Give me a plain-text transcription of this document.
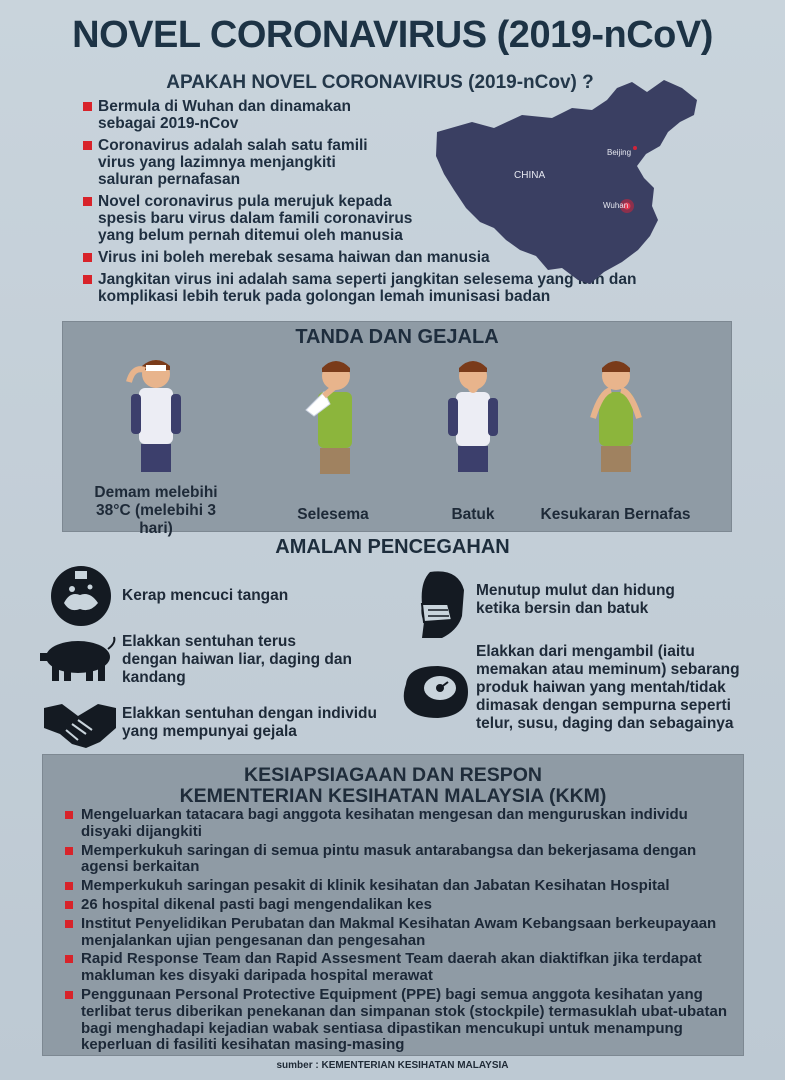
NOVEL CORONAVIRUS (2019-nCoV)
APAKAH NOVEL CORONAVIRUS (2019-nCov) ?
Bermula di Wuhan dan dinamakan sebagai 2019-nCov
Coronavirus adalah salah satu famili virus yang lazimnya menjangkiti saluran pernafasan
Novel coronavirus pula merujuk kepada spesis baru virus dalam famili coronavirus yang belum pernah ditemui oleh manusia
Virus ini boleh merebak sesama haiwan dan manusia
Jangkitan virus ini adalah sama seperti jangkitan selesema yang lain dan komplikasi lebih teruk pada golongan lemah imunisasi badan
CHINA
Beijing
Wuhan
TANDA DAN GEJALA
Demam melebihi 38°C (melebihi 3 hari)
Selesema	Batuk	Kesukaran Bernafas
AMALAN PENCEGAHAN
Kerap mencuci tangan
Elakkan sentuhan terus dengan haiwan liar, daging dan kandang
Elakkan sentuhan dengan individu yang mempunyai gejala
Menutup mulut dan hidung ketika bersin dan batuk
Elakkan dari mengambil (iaitu memakan atau meminum) sebarang produk haiwan yang mentah/tidak dimasak dengan sempurna seperti telur, susu, daging dan sebagainya
KESIAPSIAGAAN DAN RESPON
KEMENTERIAN KESIHATAN MALAYSIA (KKM)
Mengeluarkan tatacara bagi anggota kesihatan mengesan dan menguruskan individu disyaki dijangkiti
Memperkukuh saringan di semua pintu masuk antarabangsa dan bekerjasama dengan agensi berkaitan
Memperkukuh saringan pesakit di klinik kesihatan dan Jabatan Kesihatan Hospital
26 hospital dikenal pasti bagi mengendalikan kes
Institut Penyelidikan Perubatan dan Makmal Kesihatan Awam Kebangsaan berkeupayaan menjalankan ujian pengesanan dan pengesahan
Rapid Response Team dan Rapid Assesment Team daerah akan diaktifkan jika terdapat makluman kes disyaki daripada hospital merawat
Penggunaan Personal Protective Equipment (PPE) bagi semua anggota kesihatan yang terlibat terus diberikan penekanan dan simpanan stok (stockpile) termasuklah ubat-ubatan bagi menghadapi kejadian wabak sentiasa dipastikan mencukupi untuk menampung keperluan di fasiliti kesihatan masing-masing
sumber : KEMENTERIAN KESIHATAN MALAYSIA
